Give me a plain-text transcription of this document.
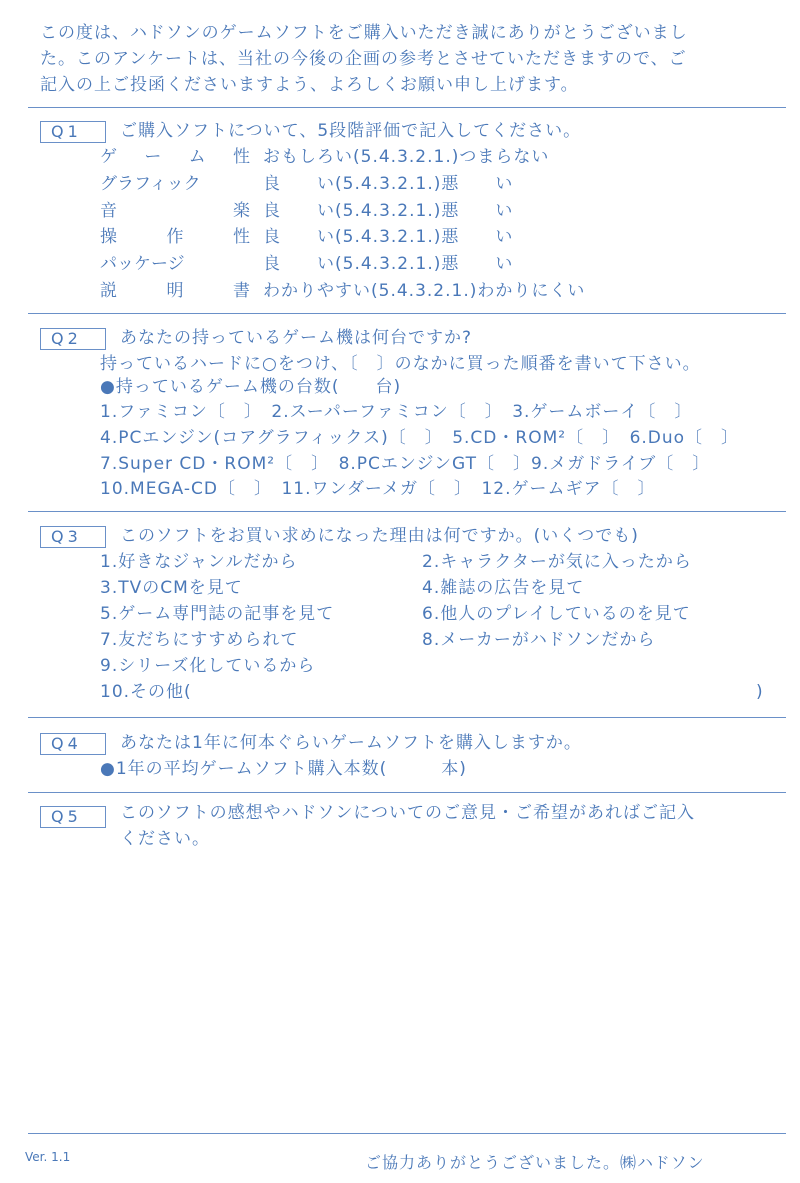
この度は、ハドソンのゲームソフトをご購入いただき誠にありがとうございまし
た。このアンケートは、当社の今後の企画の参考とさせていただきますので、ご
記入の上ご投函くださいますよう、よろしくお願い申し上げます。
Q1	ご購入ソフトについて、5段階評価で記入してください。
ゲ ー ム 性 おもしろい(5.4.3.2.1.)つまらない
グラフィック	良　　い(5.4.3.2.1.)悪　　い
音	楽 良　　い(5.4.3.2.1.)悪　　い
操	作	性 良　　い(5.4.3.2.1.)悪　　い
パッケージ	良　　い(5.4.3.2.1.)悪　　い
説	明	書 わかりやすい(5.4.3.2.1.)わかりにくい
Q2	あなたの持っているゲーム機は何台ですか?
持っているハードに○をつけ、〔　〕のなかに買った順番を書いて下さい。
●持っているゲーム機の台数(　　台)
1.ファミコン〔　〕　2.スーパーファミコン〔　〕　3.ゲームボーイ〔　〕
4.PCエンジン(コアグラフィックス)〔　〕　5.CD・ROM²〔　〕　6.Duo〔　〕
7.Super CD・ROM²〔　〕　8.PCエンジンGT〔　〕9.メガドライブ〔　〕
10.MEGA-CD〔　〕　11.ワンダーメガ〔　〕　12.ゲームギア〔　〕
Q3	このソフトをお買い求めになった理由は何ですか。(いくつでも)
1.好きなジャンルだから	2.キャラクターが気に入ったから
3.TVのCMを見て	4.雑誌の広告を見て
5.ゲーム専門誌の記事を見て	6.他人のプレイしているのを見て
7.友だちにすすめられて	8.メーカーがハドソンだから
9.シリーズ化しているから
10.その他(	)
Q4	あなたは1年に何本ぐらいゲームソフトを購入しますか。
●1年の平均ゲームソフト購入本数(　　　本)
Q5	このソフトの感想やハドソンについてのご意見・ご希望があればご記入
ください。
Ver. 1.1	ご協力ありがとうございました。㈱ハドソン
